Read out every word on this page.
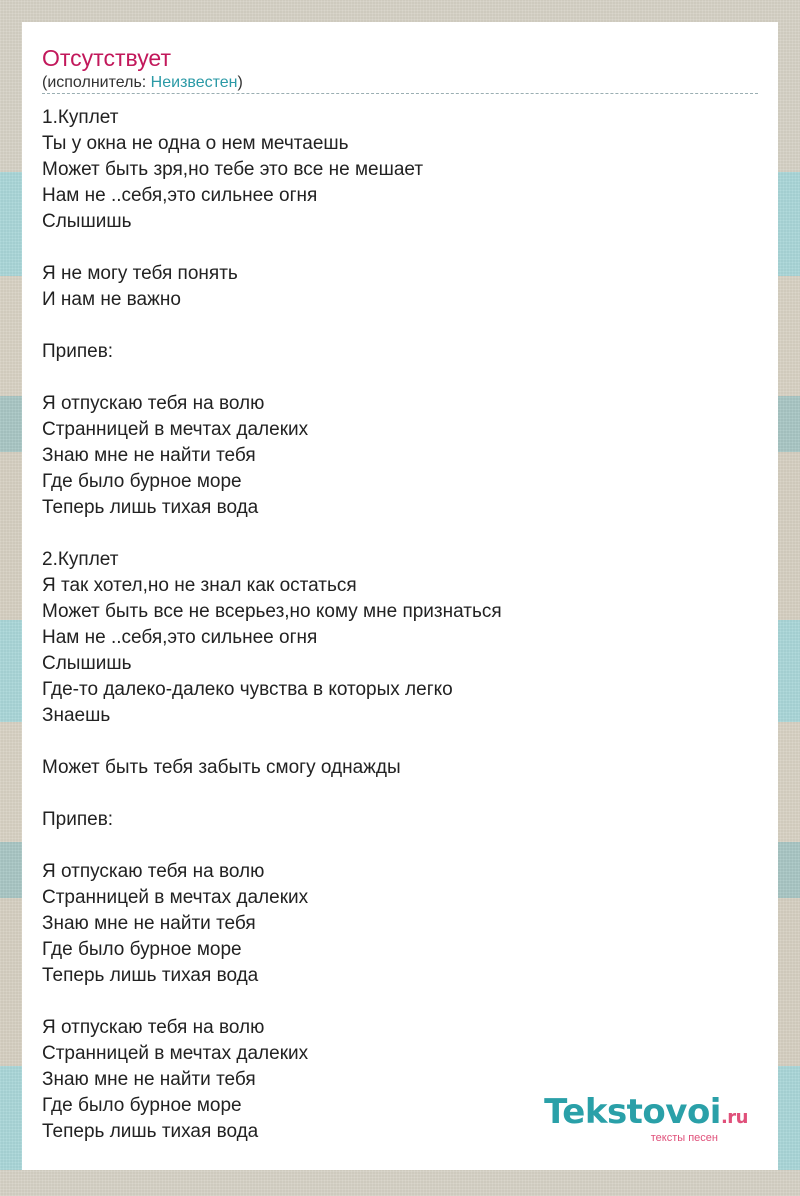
Отсутствует
(исполнитель: Неизвестен)
1.Куплет
Ты у окна не одна о нем мечтаешь
Может быть зря,но тебе это все не мешает
Нам не ..себя,это сильнее огня
Слышишь
Я не могу тебя понять
И нам не важно
Припев:
Я отпускаю тебя на волю
Странницей в мечтах далеких
Знаю мне не найти тебя
Где было бурное море
Теперь лишь тихая вода
2.Куплет
Я так хотел,но не знал как остаться
Может быть все не всерьез,но кому мне признаться
Нам не ..себя,это сильнее огня
Слышишь
Где-то далеко-далеко чувства в которых легко
Знаешь
Может быть тебя забыть смогу однажды
Припев:
Я отпускаю тебя на волю
Странницей в мечтах далеких
Знаю мне не найти тебя
Где было бурное море
Теперь лишь тихая вода
Я отпускаю тебя на волю
Странницей в мечтах далеких
Знаю мне не найти тебя
Где было бурное море
Теперь лишь тихая вода	Tekstovoi.ru
тексты песен
